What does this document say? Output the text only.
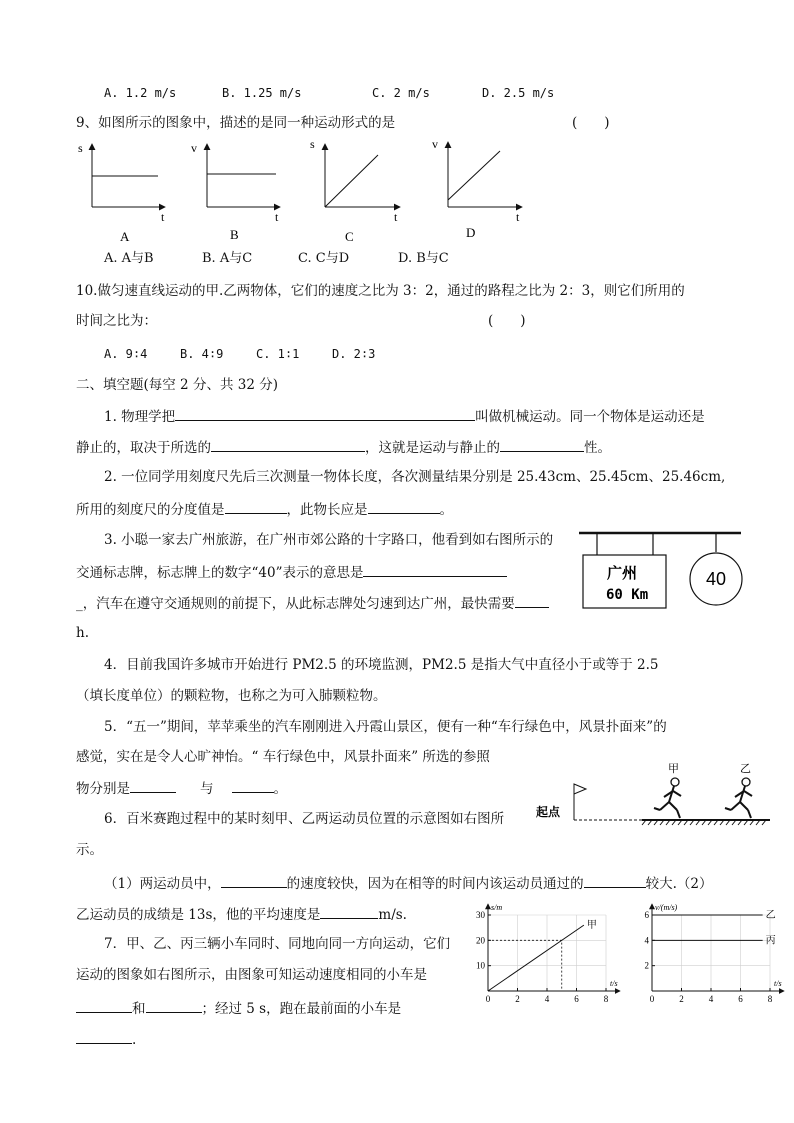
A. 1.2 m/s	B. 1.25 m/s	C. 2 m/s	D. 2.5 m/s
9、如图所示的图象中，描述的是同一种运动形式的是	(　　)
s
t
A
v
t
B
s
t
C
v
t
D
A. A与B	B. A与C	C. C与D	D. B与C
10.做匀速直线运动的甲.乙两物体，它们的速度之比为 3：2，通过的路程之比为 2：3，则它们所用的
时间之比为：	(　　)
A. 9∶4	B. 4∶9	C. 1∶1	D. 2∶3
二、填空题(每空 2 分、共 32 分)
1. 物理学把	叫做机械运动。同一个物体是运动还是
静止的，取决于所选的	，这就是运动与静止的	性。
2. 一位同学用刻度尺先后三次测量一物体长度，各次测量结果分别是 25.43cm、25.45cm、25.46cm,
所用的刻度尺的分度值是	，此物长应是	。
3. 小聪一家去广州旅游，在广州市郊公路的十字路口，他看到如右图所示的
交通标志牌，标志牌上的数字“40”表示的意思是
_，汽车在遵守交通规则的前提下，从此标志牌处匀速到达广州，最快需要
h.
广州
60 Km
40
4．目前我国许多城市开始进行 PM2.5 的环境监测，PM2.5 是指大气中直径小于或等于 2.5
（填长度单位）的颗粒物，也称之为可入肺颗粒物。
5．“五一”期间，苹苹乘坐的汽车刚刚进入丹霞山景区，便有一种“车行绿色中，风景扑面来”的
感觉，实在是令人心旷神怡。“ 车行绿色中，风景扑面来” 所选的参照
物分别是	与	。
起点
甲	乙
6．百米赛跑过程中的某时刻甲、乙两运动员位置的示意图如右图所
示。
（1）两运动员中，	的速度较快，因为在相等的时间内该运动员通过的	较大.（2）
乙运动员的成绩是 13s，他的平均速度是	m/s.
7．甲、乙、丙三辆小车同时、同地向同一方向运动，它们
运动的图象如右图所示，由图象可知运动速度相同的小车是
和	；经过 5 s，跑在最前面的小车是
.
0	2	4	6	8
10
20
30
s/m
t/s
甲
0	2	4	6	8
2
4
6
v/(m/s)
t/s
乙
丙
